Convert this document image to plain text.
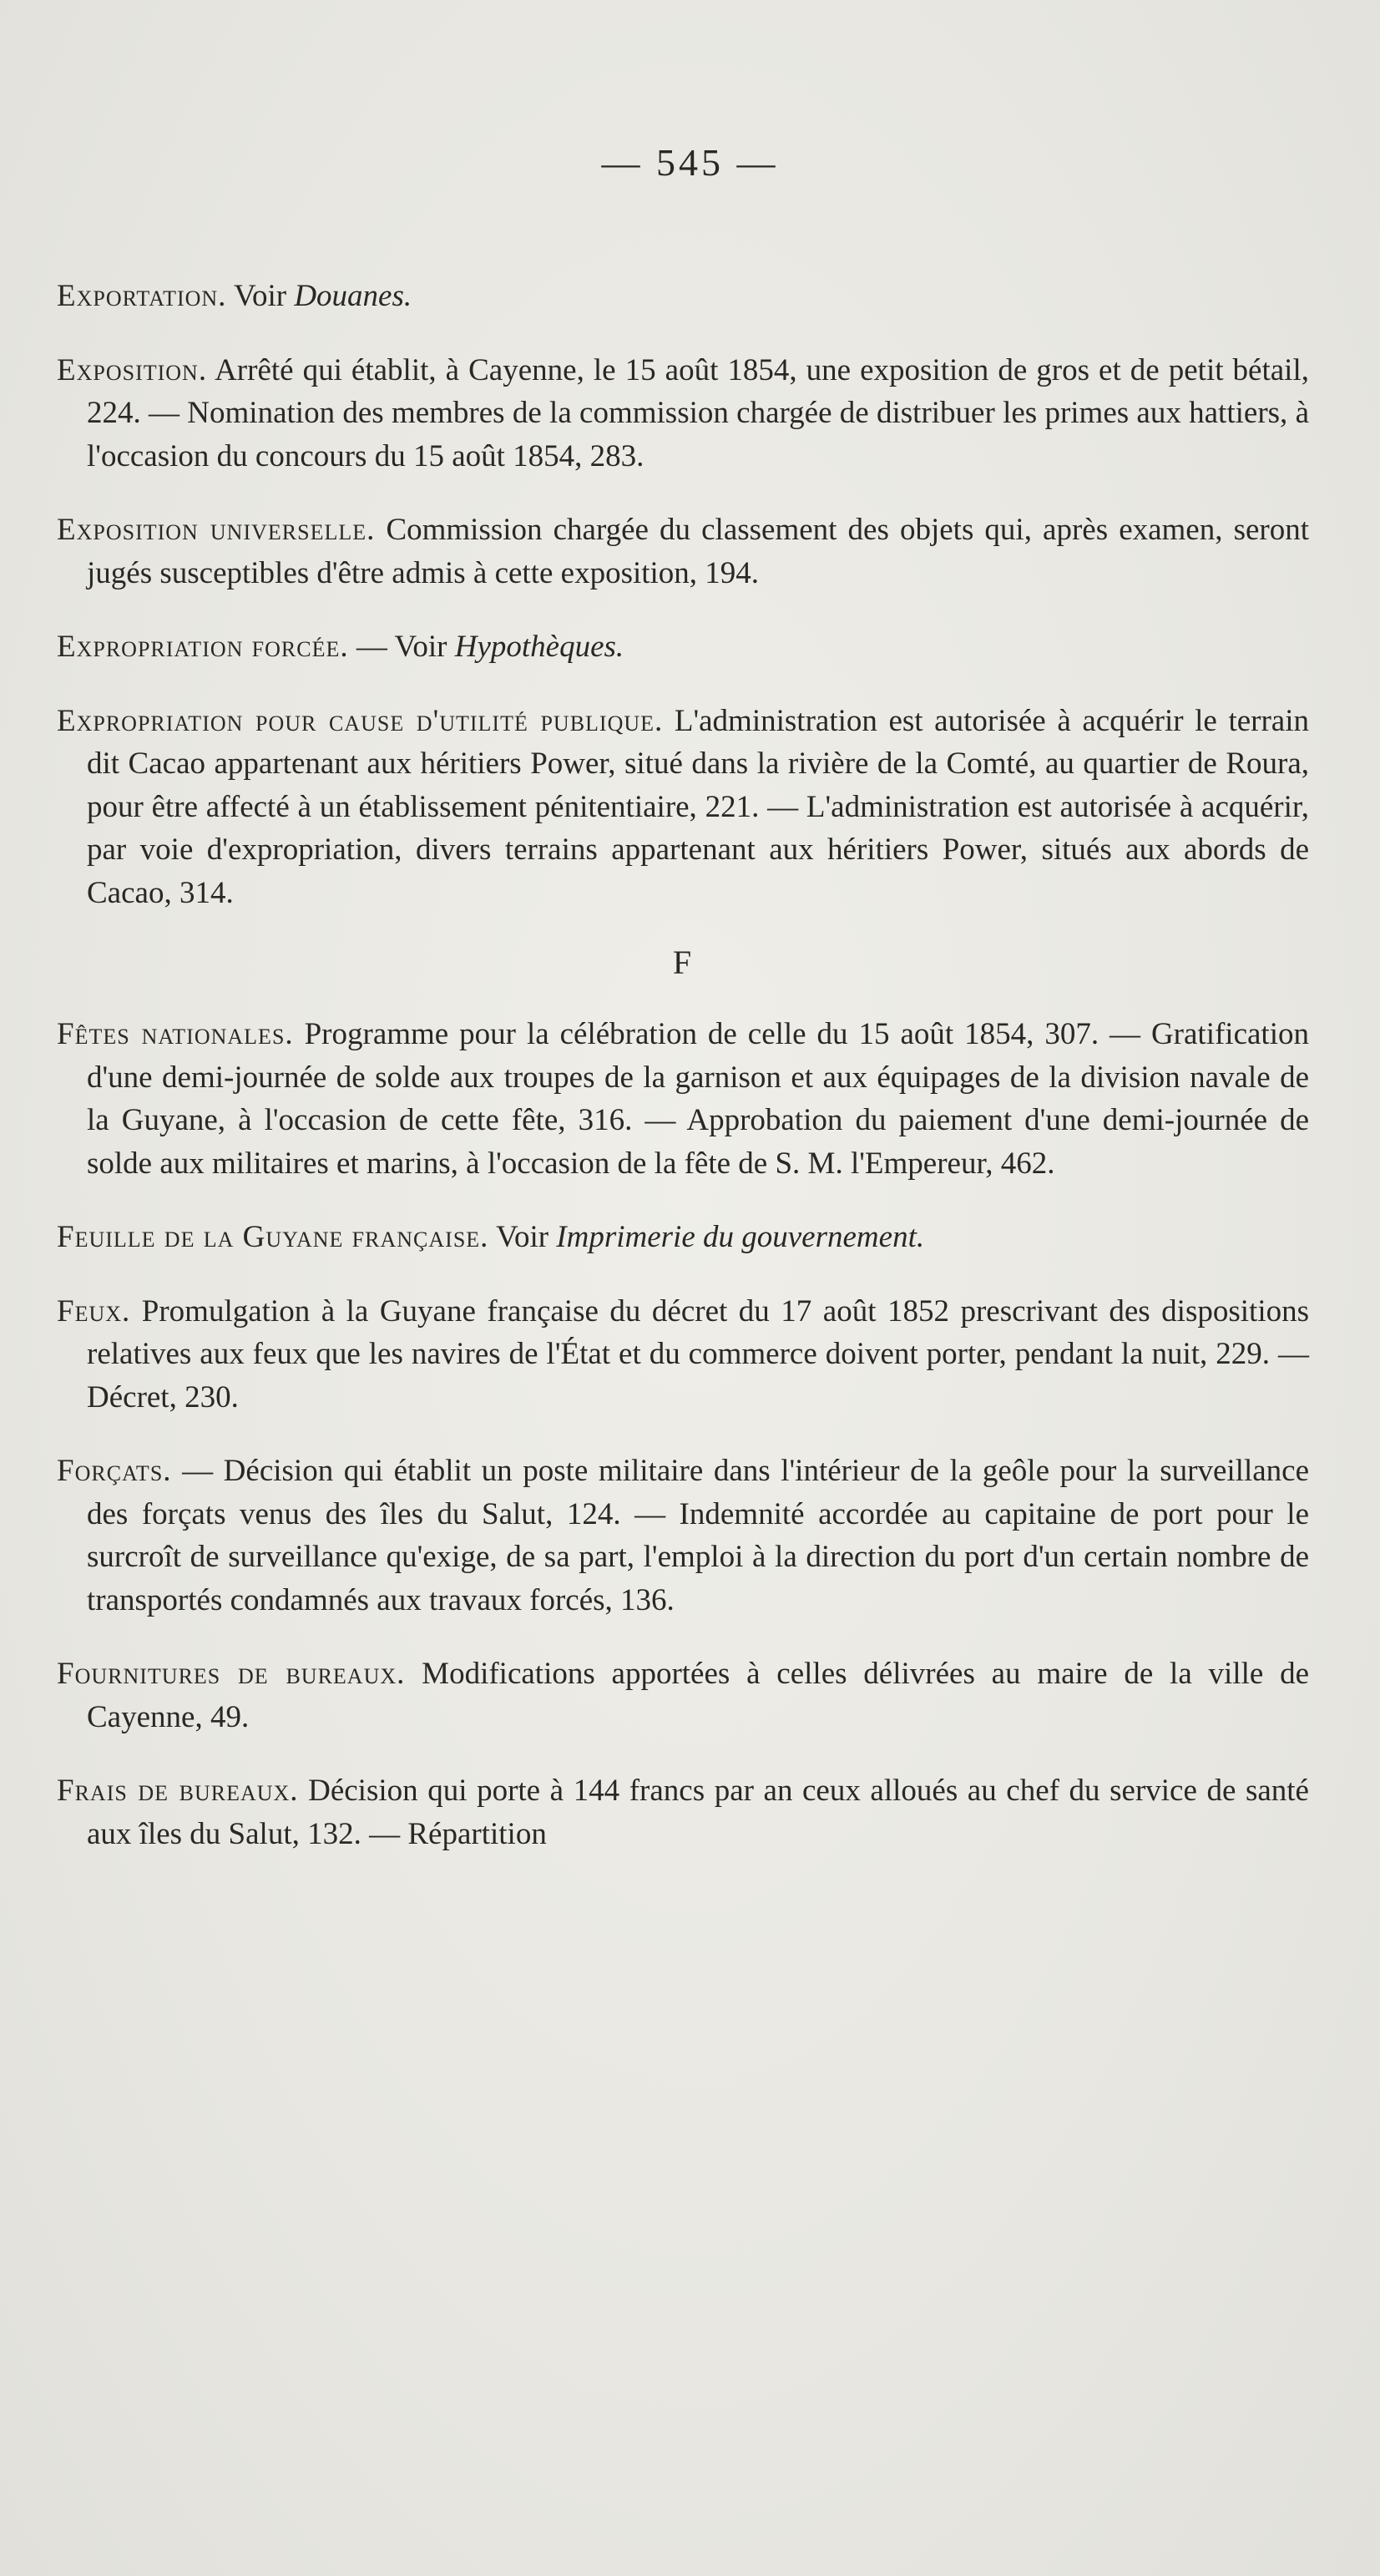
— 545 —

Exportation. Voir Douanes.

Exposition. Arrêté qui établit, à Cayenne, le 15 août 1854, une exposition de gros et de petit bétail, 224. — Nomination des membres de la commission chargée de distribuer les primes aux hattiers, à l'occasion du concours du 15 août 1854, 283.

Exposition universelle. Commission chargée du classement des objets qui, après examen, seront jugés susceptibles d'être admis à cette exposition, 194.

Expropriation forcée. — Voir Hypothèques.

Expropriation pour cause d'utilité publique. L'administration est autorisée à acquérir le terrain dit Cacao appartenant aux héritiers Power, situé dans la rivière de la Comté, au quartier de Roura, pour être affecté à un établissement pénitentiaire, 221. — L'administration est autorisée à acquérir, par voie d'expropriation, divers terrains appartenant aux héritiers Power, situés aux abords de Cacao, 314.

F

Fêtes nationales. Programme pour la célébration de celle du 15 août 1854, 307. — Gratification d'une demi-journée de solde aux troupes de la garnison et aux équipages de la division navale de la Guyane, à l'occasion de cette fête, 316. — Approbation du paiement d'une demi-journée de solde aux militaires et marins, à l'occasion de la fête de S. M. l'Empereur, 462.

Feuille de la Guyane française. Voir Imprimerie du gouvernement.

Feux. Promulgation à la Guyane française du décret du 17 août 1852 prescrivant des dispositions relatives aux feux que les navires de l'État et du commerce doivent porter, pendant la nuit, 229. — Décret, 230.

Forçats. — Décision qui établit un poste militaire dans l'intérieur de la geôle pour la surveillance des forçats venus des îles du Salut, 124. — Indemnité accordée au capitaine de port pour le surcroît de surveillance qu'exige, de sa part, l'emploi à la direction du port d'un certain nombre de transportés condamnés aux travaux forcés, 136.

Fournitures de bureaux. Modifications apportées à celles délivrées au maire de la ville de Cayenne, 49.

Frais de bureaux. Décision qui porte à 144 francs par an ceux alloués au chef du service de santé aux îles du Salut, 132. — Répartition
